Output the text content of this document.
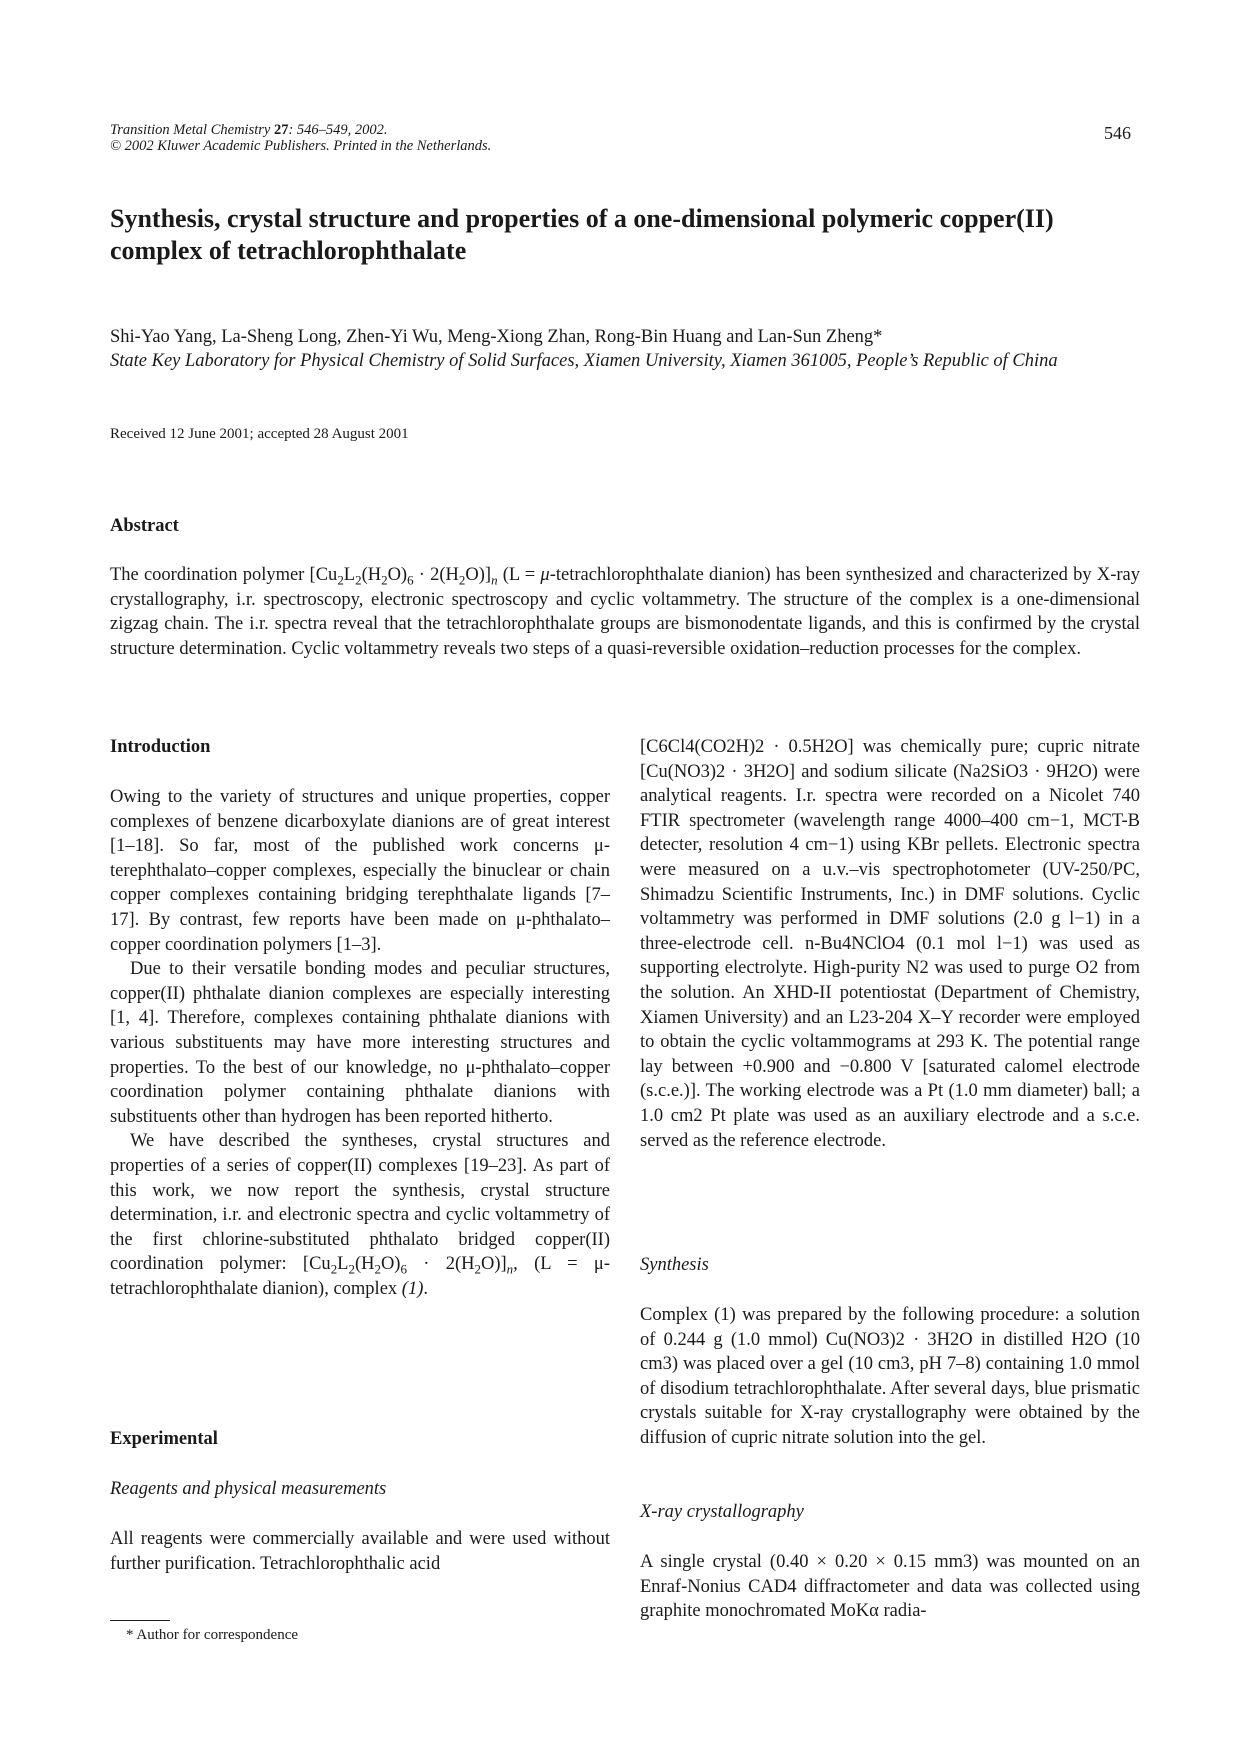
Transition Metal Chemistry 27: 546–549, 2002.
© 2002 Kluwer Academic Publishers. Printed in the Netherlands.
546
Synthesis, crystal structure and properties of a one-dimensional polymeric copper(II) complex of tetrachlorophthalate
Shi-Yao Yang, La-Sheng Long, Zhen-Yi Wu, Meng-Xiong Zhan, Rong-Bin Huang and Lan-Sun Zheng*
State Key Laboratory for Physical Chemistry of Solid Surfaces, Xiamen University, Xiamen 361005, People’s Republic of China
Received 12 June 2001; accepted 28 August 2001
Abstract
The coordination polymer $[Cu_2L_2(H_2O)_6 \cdot 2(H_2O)]_n$ (L = μ-tetrachlorophthalate dianion) has been synthesized and characterized by X-ray crystallography, i.r. spectroscopy, electronic spectroscopy and cyclic voltammetry. The structure of the complex is a one-dimensional zigzag chain. The i.r. spectra reveal that the tetrachlorophthalate groups are bismonodentate ligands, and this is confirmed by the crystal structure determination. Cyclic voltammetry reveals two steps of a quasi-reversible oxidation–reduction processes for the complex.
Introduction

Owing to the variety of structures and unique properties, copper complexes of benzene dicarboxylate dianions are of great interest [1–18]. So far, most of the published work concerns μ-terephthalato–copper complexes, especially the binuclear or chain copper complexes containing bridging terephthalate ligands [7–17]. By contrast, few reports have been made on μ-phthalato–copper coordination polymers [1–3].

Due to their versatile bonding modes and peculiar structures, copper(II) phthalate dianion complexes are especially interesting [1, 4]. Therefore, complexes containing phthalate dianions with various substituents may have more interesting structures and properties. To the best of our knowledge, no μ-phthalato–copper coordination polymer containing phthalate dianions with substituents other than hydrogen has been reported hitherto.

We have described the syntheses, crystal structures and properties of a series of copper(II) complexes [19–23]. As part of this work, we now report the synthesis, crystal structure determination, i.r. and electronic spectra and cyclic voltammetry of the first chlorine-substituted phthalato bridged copper(II) coordination polymer: $[Cu_2L_2(H_2O)_6 \cdot 2(H_2O)]_n$, (L = μ-tetrachlorophthalate dianion), complex (1).

Experimental
Reagents and physical measurements
All reagents were commercially available and were used without further purification. Tetrachlorophthalic acid
[C6Cl4(CO2H)2 · 0.5H2O] was chemically pure; cupric nitrate [Cu(NO3)2 · 3H2O] and sodium silicate (Na2SiO3 · 9H2O) were analytical reagents. I.r. spectra were recorded on a Nicolet 740 FTIR spectrometer (wavelength range 4000–400 cm−1, MCT-B detecter, resolution 4 cm−1) using KBr pellets. Electronic spectra were measured on a u.v.–vis spectrophotometer (UV-250/PC, Shimadzu Scientific Instruments, Inc.) in DMF solutions. Cyclic voltammetry was performed in DMF solutions (2.0 g l−1) in a three-electrode cell. n-Bu4NClO4 (0.1 mol l−1) was used as supporting electrolyte. High-purity N2 was used to purge O2 from the solution. An XHD-II potentiostat (Department of Chemistry, Xiamen University) and an L23-204 X–Y recorder were employed to obtain the cyclic voltammograms at 293 K. The potential range lay between +0.900 and −0.800 V [saturated calomel electrode (s.c.e.)]. The working electrode was a Pt (1.0 mm diameter) ball; a 1.0 cm2 Pt plate was used as an auxiliary electrode and a s.c.e. served as the reference electrode.
Synthesis
Complex (1) was prepared by the following procedure: a solution of 0.244 g (1.0 mmol) Cu(NO3)2 · 3H2O in distilled H2O (10 cm3) was placed over a gel (10 cm3, pH 7–8) containing 1.0 mmol of disodium tetrachlorophthalate. After several days, blue prismatic crystals suitable for X-ray crystallography were obtained by the diffusion of cupric nitrate solution into the gel.
X-ray crystallography
A single crystal (0.40 × 0.20 × 0.15 mm3) was mounted on an Enraf-Nonius CAD4 diffractometer and data was collected using graphite monochromated MoKα radia-
* Author for correspondence
